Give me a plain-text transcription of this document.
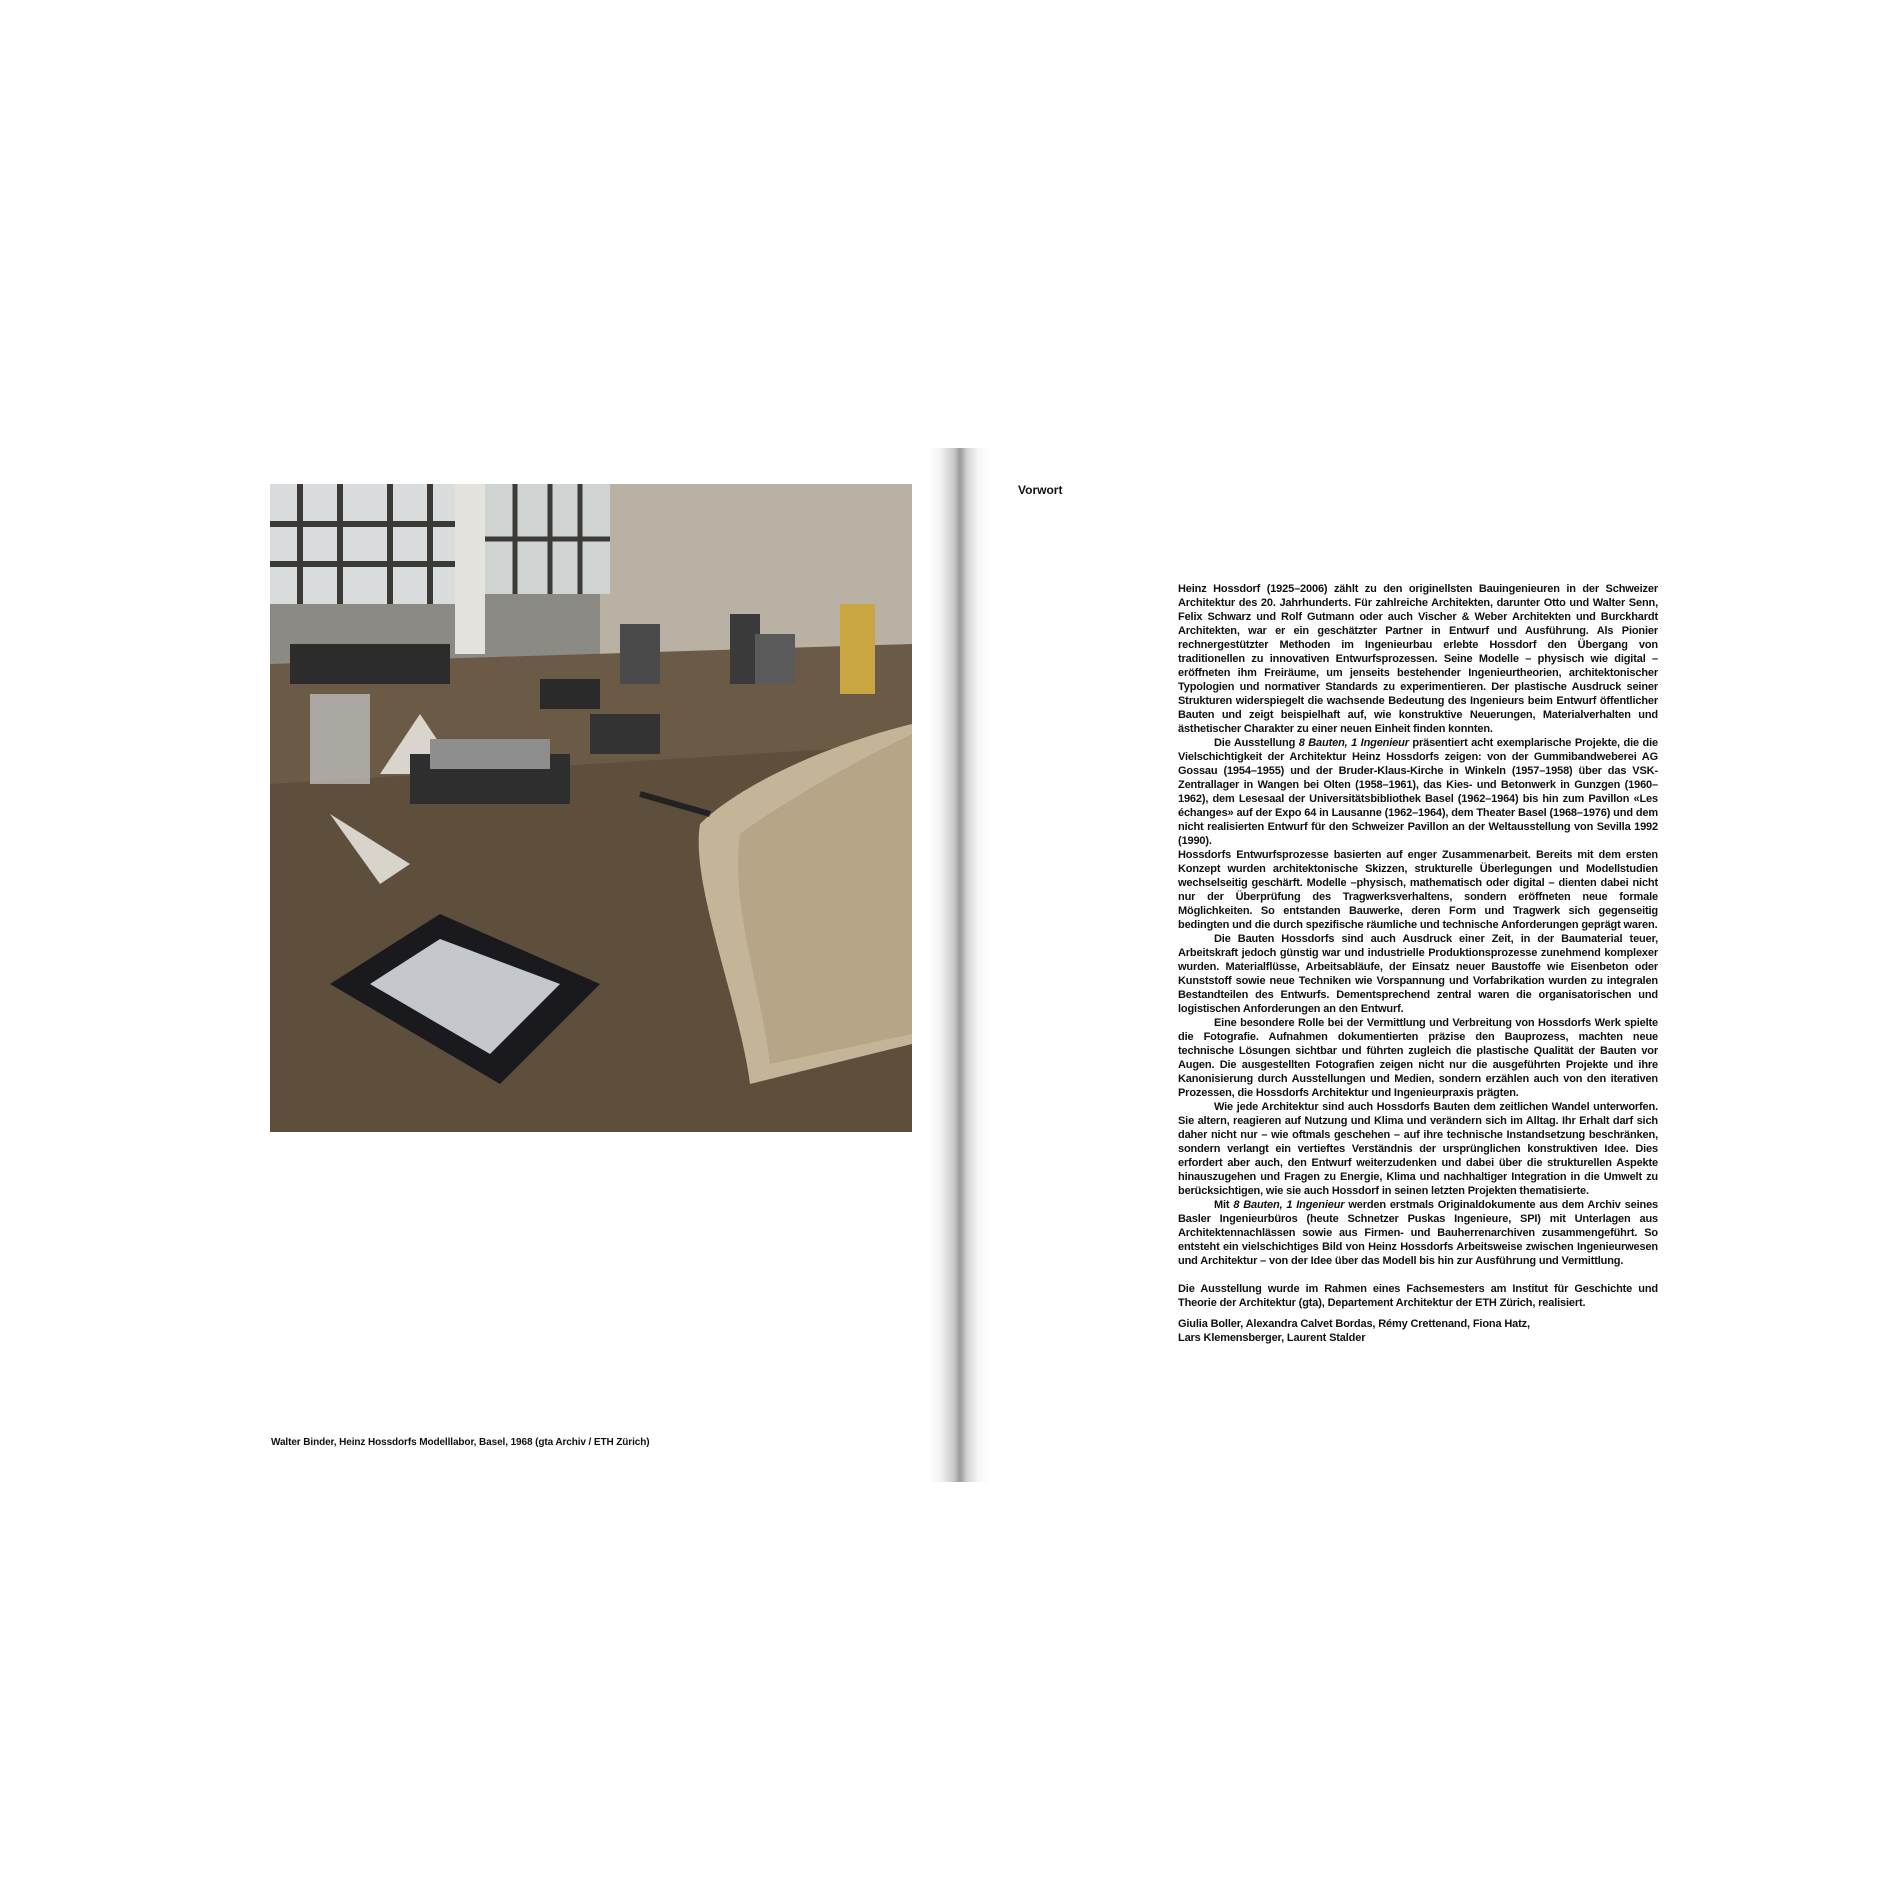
Walter Binder, Heinz Hossdorfs Modelllabor, Basel, 1968 (gta Archiv / ETH Zürich)
Vorwort

Heinz Hossdorf (1925–2006) zählt zu den originellsten Bauingenieuren in der Schweizer Architektur des 20. Jahrhunderts. Für zahlreiche Architekten, darunter Otto und Walter Senn, Felix Schwarz und Rolf Gutmann oder auch Vischer & Weber Architekten und Burckhardt Architekten, war er ein geschätzter Partner in Entwurf und Ausführung. Als Pionier rechnergestützter Methoden im Ingenieurbau erlebte Hossdorf den Übergang von traditionellen zu innovativen Entwurfsprozessen. Seine Modelle – physisch wie digital – eröffneten ihm Freiräume, um jenseits bestehender Ingenieurtheorien, architektonischer Typologien und normativer Standards zu experimentieren. Der plastische Ausdruck seiner Strukturen widerspiegelt die wachsende Bedeutung des Ingenieurs beim Entwurf öffentlicher Bauten und zeigt beispielhaft auf, wie konstruktive Neuerungen, Materialverhalten und ästhetischer Charakter zu einer neuen Einheit finden konnten.

Die Ausstellung 8 Bauten, 1 Ingenieur präsentiert acht exemplarische Projekte, die die Vielschichtigkeit der Architektur Heinz Hossdorfs zeigen: von der Gummibandweberei AG Gossau (1954–1955) und der Bruder-Klaus-Kirche in Winkeln (1957–1958) über das VSK- Zentrallager in Wangen bei Olten (1958–1961), das Kies- und Betonwerk in Gunzgen (1960–1962), dem Lesesaal der Universitätsbibliothek Basel (1962–1964) bis hin zum Pavillon «Les échanges» auf der Expo 64 in Lausanne (1962–1964), dem Theater Basel (1968–1976) und dem nicht realisierten Entwurf für den Schweizer Pavillon an der Weltausstellung von Sevilla 1992 (1990).

Hossdorfs Entwurfsprozesse basierten auf enger Zusammenarbeit. Bereits mit dem ersten Konzept wurden architektonische Skizzen, strukturelle Überlegungen und Modellstudien wechselseitig geschärft. Modelle –physisch, mathematisch oder digital – dienten dabei nicht nur der Überprüfung des Tragwerksverhaltens, sondern eröffneten neue formale Möglichkeiten. So entstanden Bauwerke, deren Form und Tragwerk sich gegenseitig bedingten und die durch spezifische räumliche und technische Anforderungen geprägt waren.

Die Bauten Hossdorfs sind auch Ausdruck einer Zeit, in der Baumaterial teuer, Arbeitskraft jedoch günstig war und industrielle Produktionsprozesse zunehmend komplexer wurden. Materialflüsse, Arbeitsabläufe, der Einsatz neuer Baustoffe wie Eisenbeton oder Kunststoff sowie neue Techniken wie Vorspannung und Vorfabrikation wurden zu integralen Bestandteilen des Entwurfs. Dementsprechend zentral waren die organisatorischen und logistischen Anforderungen an den Entwurf.

Eine besondere Rolle bei der Vermittlung und Verbreitung von Hossdorfs Werk spielte die Fotografie. Aufnahmen dokumentierten präzise den Bauprozess, machten neue technische Lösungen sichtbar und führten zugleich die plastische Qualität der Bauten vor Augen. Die ausgestellten Fotografien zeigen nicht nur die ausgeführten Projekte und ihre Kanonisierung durch Ausstellungen und Medien, sondern erzählen auch von den iterativen Prozessen, die Hossdorfs Architektur und Ingenieurpraxis prägten.

Wie jede Architektur sind auch Hossdorfs Bauten dem zeitlichen Wandel unterworfen. Sie altern, reagieren auf Nutzung und Klima und verändern sich im Alltag. Ihr Erhalt darf sich daher nicht nur – wie oftmals geschehen – auf ihre technische Instandsetzung beschränken, sondern verlangt ein vertieftes Verständnis der ursprünglichen konstruktiven Idee. Dies erfordert aber auch, den Entwurf weiterzudenken und dabei über die strukturellen Aspekte hinauszugehen und Fragen zu Energie, Klima und nachhaltiger Integration in die Umwelt zu berücksichtigen, wie sie auch Hossdorf in seinen letzten Projekten thematisierte.

Mit 8 Bauten, 1 Ingenieur werden erstmals Originaldokumente aus dem Archiv seines Basler Ingenieurbüros (heute Schnetzer Puskas Ingenieure, SPI) mit Unterlagen aus Architektennachlässen sowie aus Firmen- und Bauherrenarchiven zusammengeführt. So entsteht ein vielschichtiges Bild von Heinz Hossdorfs Arbeitsweise zwischen Ingenieurwesen und Architektur – von der Idee über das Modell bis hin zur Ausführung und Vermittlung.

Die Ausstellung wurde im Rahmen eines Fachsemesters am Institut für Geschichte und Theorie der Architektur (gta), Departement Architektur der ETH Zürich, realisiert.

Giulia Boller, Alexandra Calvet Bordas, Rémy Crettenand, Fiona Hatz,

Lars Klemensberger, Laurent Stalder
